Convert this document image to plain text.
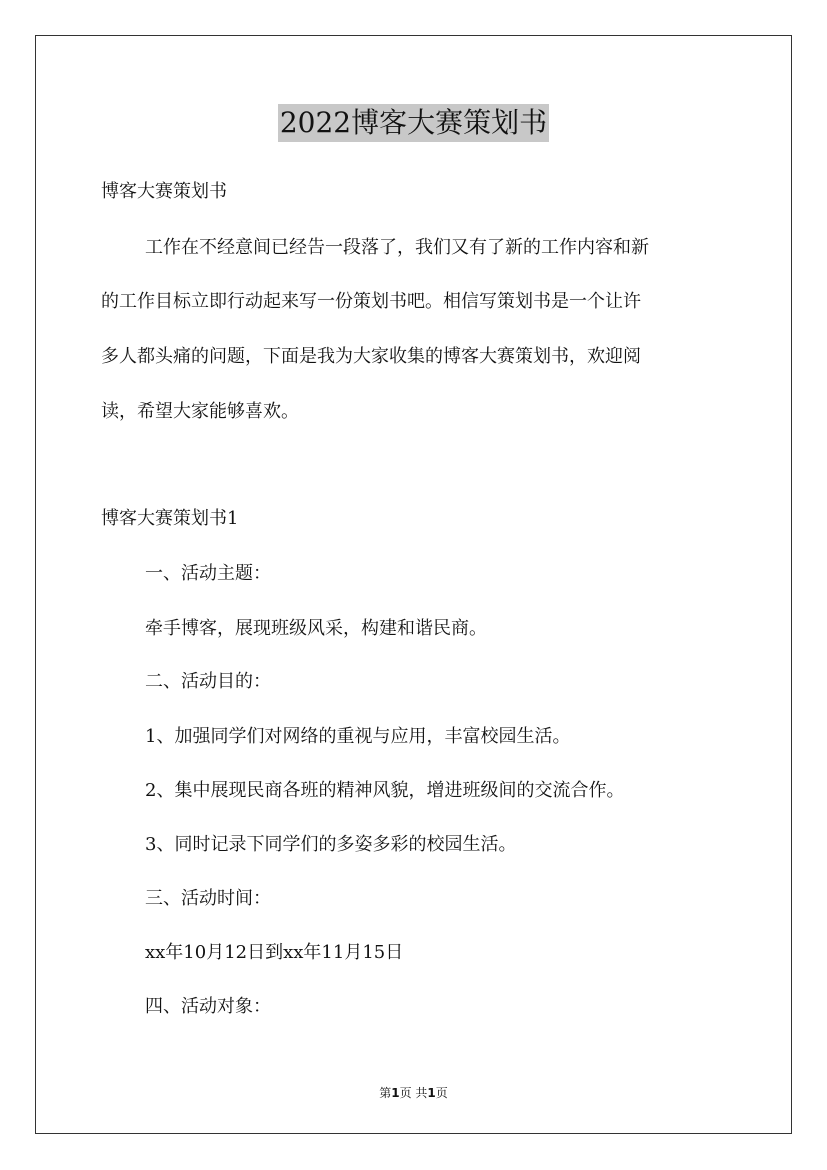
2022博客大赛策划书
博客大赛策划书
工作在不经意间已经告一段落了，我们又有了新的工作内容和新
的工作目标立即行动起来写一份策划书吧。相信写策划书是一个让许
多人都头痛的问题，下面是我为大家收集的博客大赛策划书，欢迎阅
读，希望大家能够喜欢。
博客大赛策划书1
一、活动主题：
牵手博客，展现班级风采，构建和谐民商。
二、活动目的：
1、加强同学们对网络的重视与应用，丰富校园生活。
2、集中展现民商各班的精神风貌，增进班级间的交流合作。
3、同时记录下同学们的多姿多彩的校园生活。
三、活动时间：
xx年10月12日到xx年11月15日
四、活动对象：
第1页 共1页
